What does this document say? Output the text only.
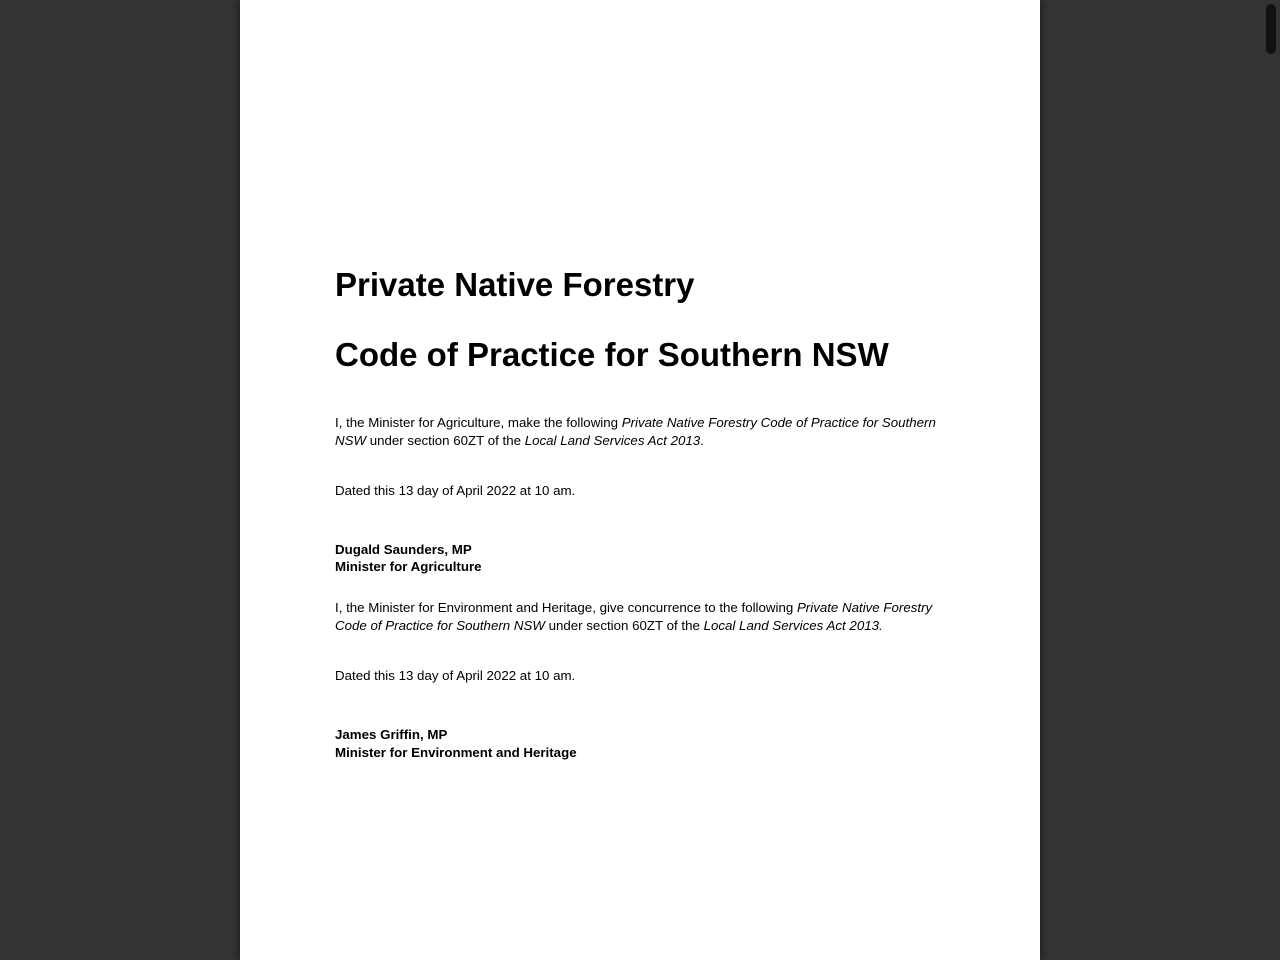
Private Native Forestry
Code of Practice for Southern NSW

I, the Minister for Agriculture, make the following Private Native Forestry Code of Practice for Southern NSW under section 60ZT of the Local Land Services Act 2013.

Dated this 13 day of April 2022 at 10 am.

Dugald Saunders, MP
Minister for Agriculture

I, the Minister for Environment and Heritage, give concurrence to the following Private Native Forestry Code of Practice for Southern NSW under section 60ZT of the Local Land Services Act 2013.

Dated this 13 day of April 2022 at 10 am.

James Griffin, MP
Minister for Environment and Heritage
